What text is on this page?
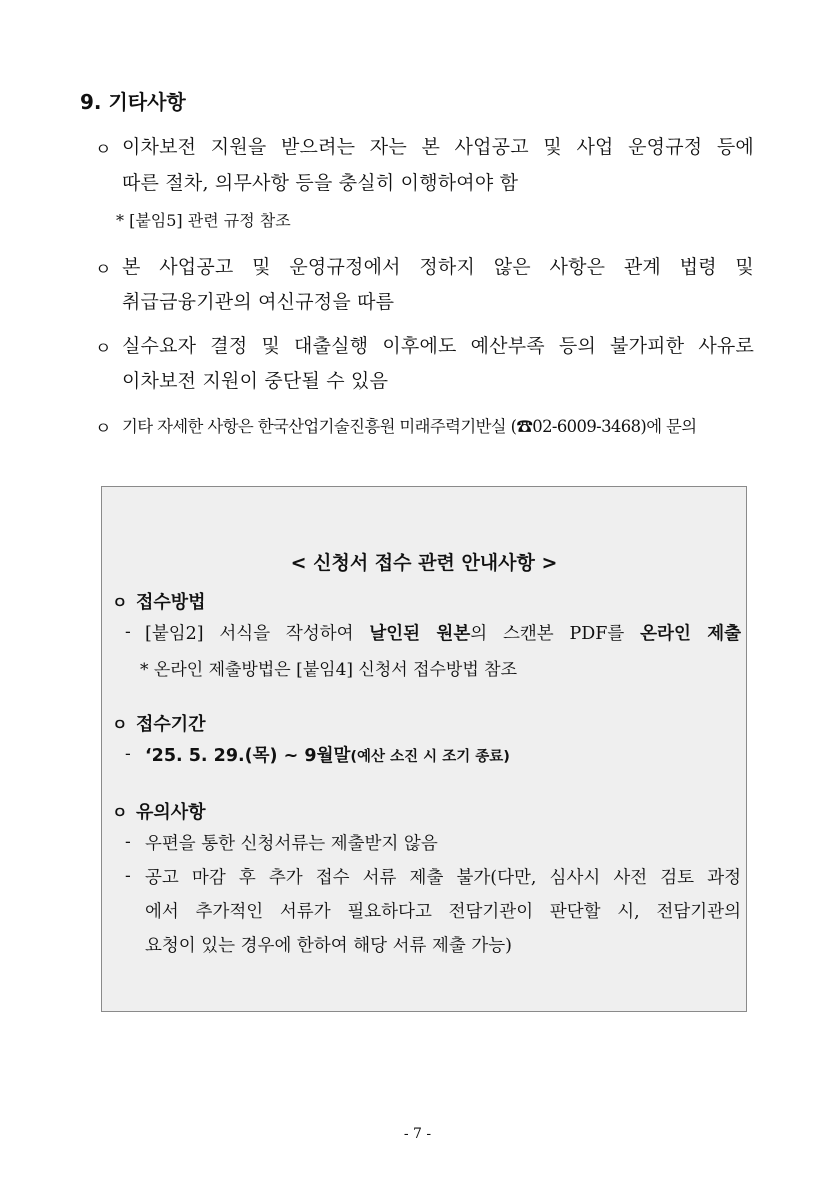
9. 기타사항
ㅇ 이차보전 지원을 받으려는 자는 본 사업공고 및 사업 운영규정 등에
따른 절차, 의무사항 등을 충실히 이행하여야 함
* [붙임5] 관련 규정 참조
ㅇ 본 사업공고 및 운영규정에서 정하지 않은 사항은 관계 법령 및
취급금융기관의 여신규정을 따름
ㅇ 실수요자 결정 및 대출실행 이후에도 예산부족 등의 불가피한 사유로
이차보전 지원이 중단될 수 있음
ㅇ 기타 자세한 사항은 한국산업기술진흥원 미래주력기반실 (☎02-6009-3468)에 문의
< 신청서 접수 관련 안내사항 >
ㅇ 접수방법
- [붙임2] 서식을 작성하여 날인된 원본의 스캔본 PDF를 온라인 제출
* 온라인 제출방법은 [붙임4] 신청서 접수방법 참조
ㅇ 접수기간
- ‘25. 5. 29.(목) ~ 9월말(예산 소진 시 조기 종료)
ㅇ 유의사항
- 우편을 통한 신청서류는 제출받지 않음
- 공고 마감 후 추가 접수 서류 제출 불가(다만, 심사시 사전 검토 과정
에서 추가적인 서류가 필요하다고 전담기관이 판단할 시, 전담기관의
요청이 있는 경우에 한하여 해당 서류 제출 가능)
- 7 -
